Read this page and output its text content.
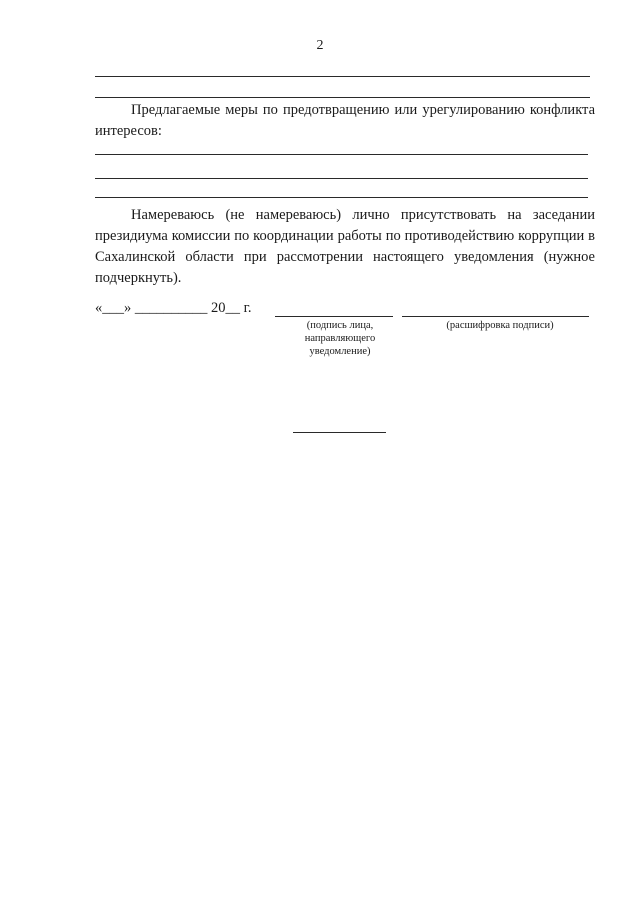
2
Предлагаемые меры по предотвращению или урегулированию конфликта интересов:
Намереваюсь (не намереваюсь) лично присутствовать на заседании президиума комиссии по координации работы по противодействию коррупции в Сахалинской области при рассмотрении настоящего уведомления (нужное подчеркнуть).
«___» __________ 20__ г.
(подпись лица, направляющего уведомление)
(расшифровка подписи)
